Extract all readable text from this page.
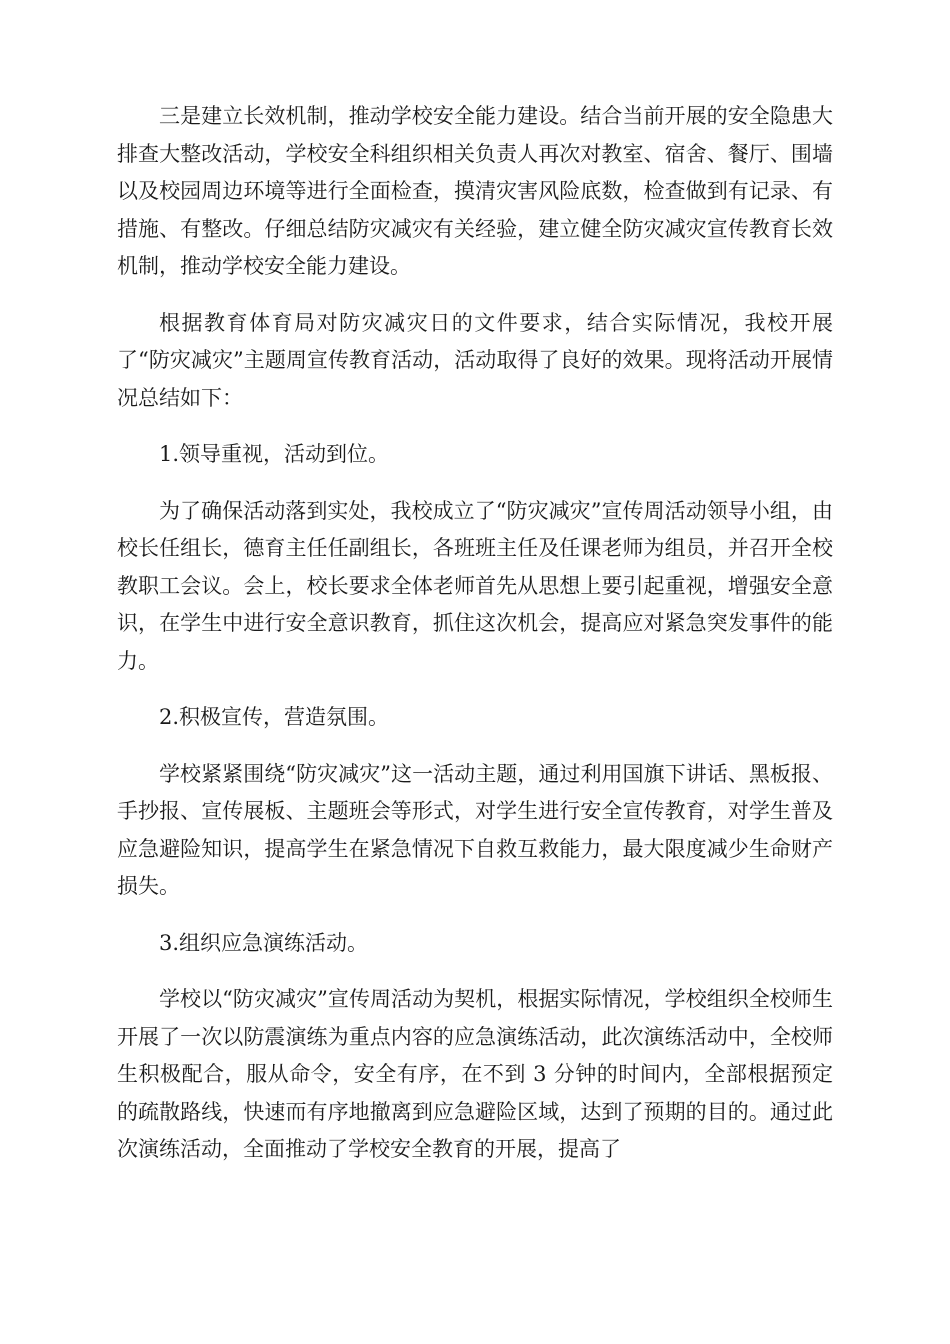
三是建立长效机制，推动学校安全能力建设。结合当前开展的安全隐患大排查大整改活动，学校安全科组织相关负责人再次对教室、宿舍、餐厅、围墙以及校园周边环境等进行全面检查，摸清灾害风险底数，检查做到有记录、有措施、有整改。仔细总结防灾减灾有关经验，建立健全防灾减灾宣传教育长效机制，推动学校安全能力建设。

根据教育体育局对防灾减灾日的文件要求，结合实际情况，我校开展了“防灾减灾”主题周宣传教育活动，活动取得了良好的效果。现将活动开展情况总结如下：

1.领导重视，活动到位。

为了确保活动落到实处，我校成立了“防灾减灾”宣传周活动领导小组，由校长任组长，德育主任任副组长，各班班主任及任课老师为组员，并召开全校教职工会议。会上，校长要求全体老师首先从思想上要引起重视，增强安全意识，在学生中进行安全意识教育，抓住这次机会，提高应对紧急突发事件的能力。

2.积极宣传，营造氛围。

学校紧紧围绕“防灾减灾”这一活动主题，通过利用国旗下讲话、黑板报、手抄报、宣传展板、主题班会等形式，对学生进行安全宣传教育，对学生普及应急避险知识，提高学生在紧急情况下自救互救能力，最大限度减少生命财产损失。

3.组织应急演练活动。

学校以“防灾减灾”宣传周活动为契机，根据实际情况，学校组织全校师生开展了一次以防震演练为重点内容的应急演练活动，此次演练活动中，全校师生积极配合，服从命令，安全有序，在不到 3 分钟的时间内，全部根据预定的疏散路线，快速而有序地撤离到应急避险区域，达到了预期的目的。通过此次演练活动，全面推动了学校安全教育的开展，提高了
